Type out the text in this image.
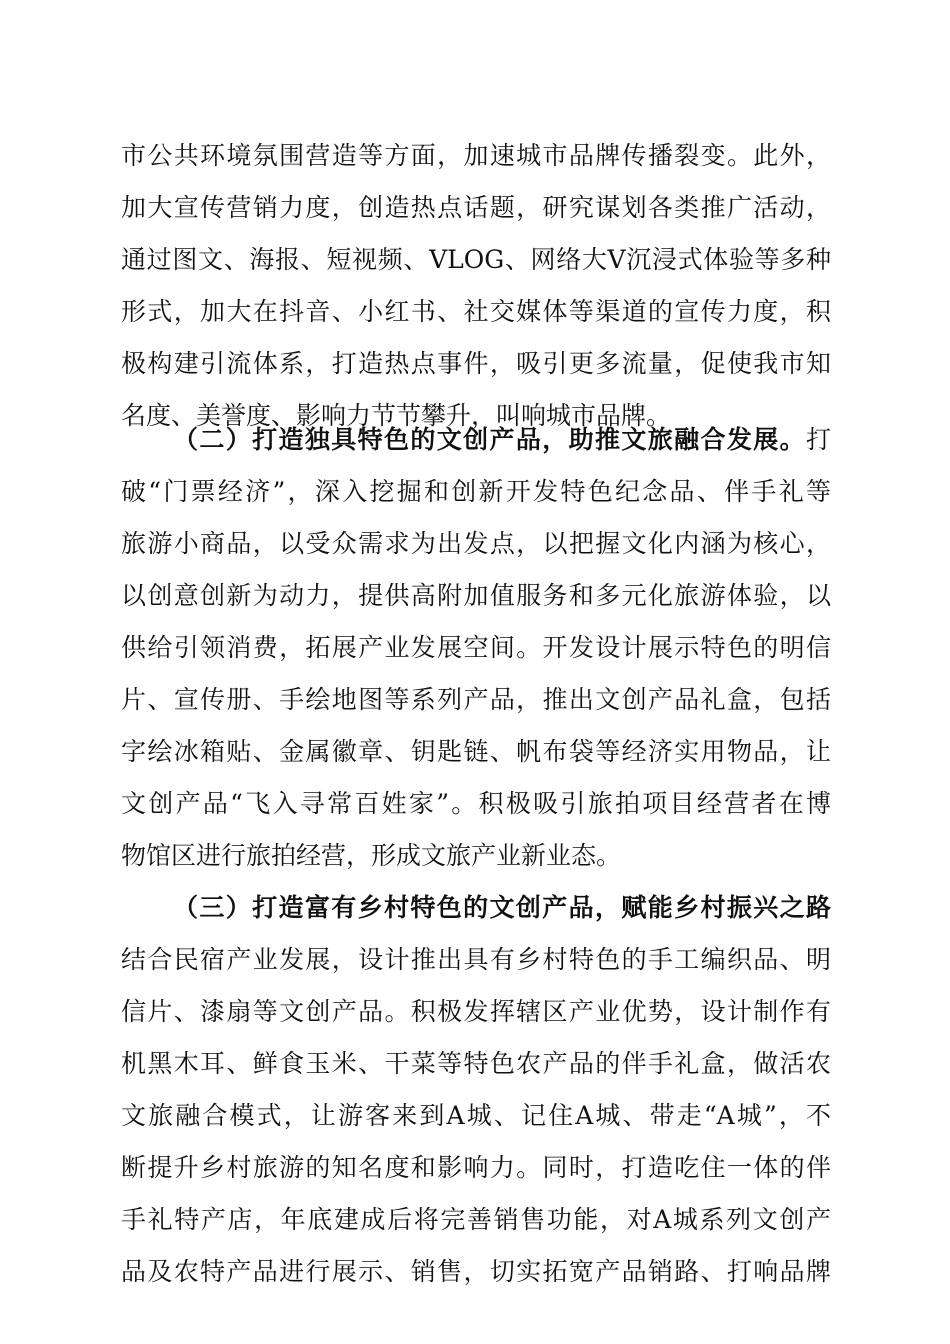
市公共环境氛围营造等方面，加速城市品牌传播裂变。此外，
加大宣传营销力度，创造热点话题，研究谋划各类推广活动，
通过图文、海报、短视频、VLOG、网络大V沉浸式体验等多种
形式，加大在抖音、小红书、社交媒体等渠道的宣传力度，积
极构建引流体系，打造热点事件，吸引更多流量，促使我市知
名度、美誉度、影响力节节攀升，叫响城市品牌。
（二）打造独具特色的文创产品，助推文旅融合发展。打
破“门票经济”，深入挖掘和创新开发特色纪念品、伴手礼等
旅游小商品，以受众需求为出发点，以把握文化内涵为核心，
以创意创新为动力，提供高附加值服务和多元化旅游体验，以
供给引领消费，拓展产业发展空间。开发设计展示特色的明信
片、宣传册、手绘地图等系列产品，推出文创产品礼盒，包括
字绘冰箱贴、金属徽章、钥匙链、帆布袋等经济实用物品，让
文创产品“飞入寻常百姓家”。积极吸引旅拍项目经营者在博
物馆区进行旅拍经营，形成文旅产业新业态。
（三）打造富有乡村特色的文创产品，赋能乡村振兴之路
结合民宿产业发展，设计推出具有乡村特色的手工编织品、明
信片、漆扇等文创产品。积极发挥辖区产业优势，设计制作有
机黑木耳、鲜食玉米、干菜等特色农产品的伴手礼盒，做活农
文旅融合模式，让游客来到A城、记住A城、带走“A城”，不
断提升乡村旅游的知名度和影响力。同时，打造吃住一体的伴
手礼特产店，年底建成后将完善销售功能，对A城系列文创产
品及农特产品进行展示、销售，切实拓宽产品销路、打响品牌
